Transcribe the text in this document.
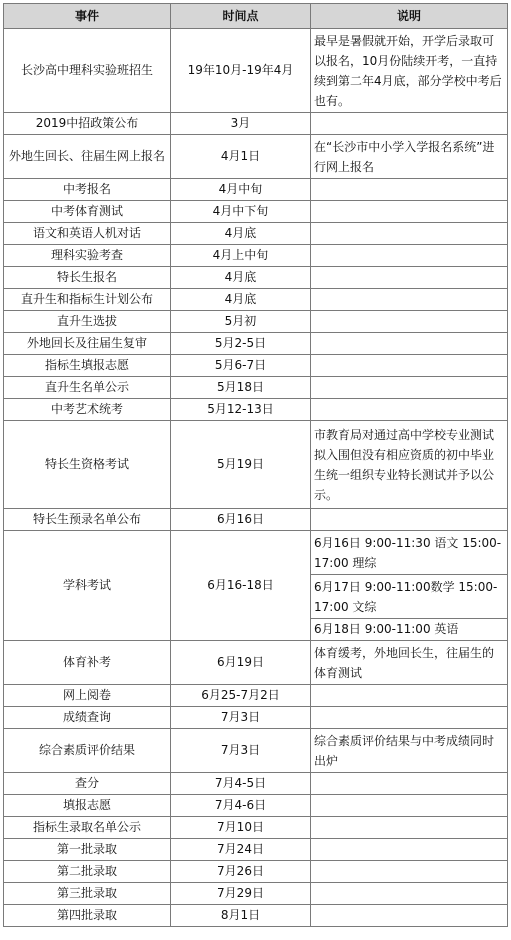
事件	时间点	说明
长沙高中理科实验班招生	19年10月-19年4月	最早是暑假就开始，开学后录取可以报名，10月份陆续开考，一直持续到第二年4月底，部分学校中考后也有。
2019中招政策公布	3月	
外地生回长、往届生网上报名	4月1日	在“长沙市中小学入学报名系统”进行网上报名
中考报名	4月中旬	
中考体育测试	4月中下旬	
语文和英语人机对话	4月底	
理科实验考查	4月上中旬	
特长生报名	4月底	
直升生和指标生计划公布	4月底	
直升生选拔	5月初	
外地回长及往届生复审	5月2-5日	
指标生填报志愿	5月6-7日	
直升生名单公示	5月18日	
中考艺术统考	5月12-13日	
特长生资格考试	5月19日	市教育局对通过高中学校专业测试拟入围但没有相应资质的初中毕业生统一组织专业特长测试并予以公示。
特长生预录名单公布	6月16日	
学科考试	6月16-18日	6月16日 9:00-11:30 语文 15:00-17:00 理综
		6月17日 9:00-11:00数学 15:00-17:00 文综
		6月18日 9:00-11:00 英语
体育补考	6月19日	体育缓考，外地回长生，往届生的体育测试
网上阅卷	6月25-7月2日	
成绩查询	7月3日	
综合素质评价结果	7月3日	综合素质评价结果与中考成绩同时出炉
查分	7月4-5日	
填报志愿	7月4-6日	
指标生录取名单公示	7月10日	
第一批录取	7月24日	
第二批录取	7月26日	
第三批录取	7月29日	
第四批录取	8月1日	
